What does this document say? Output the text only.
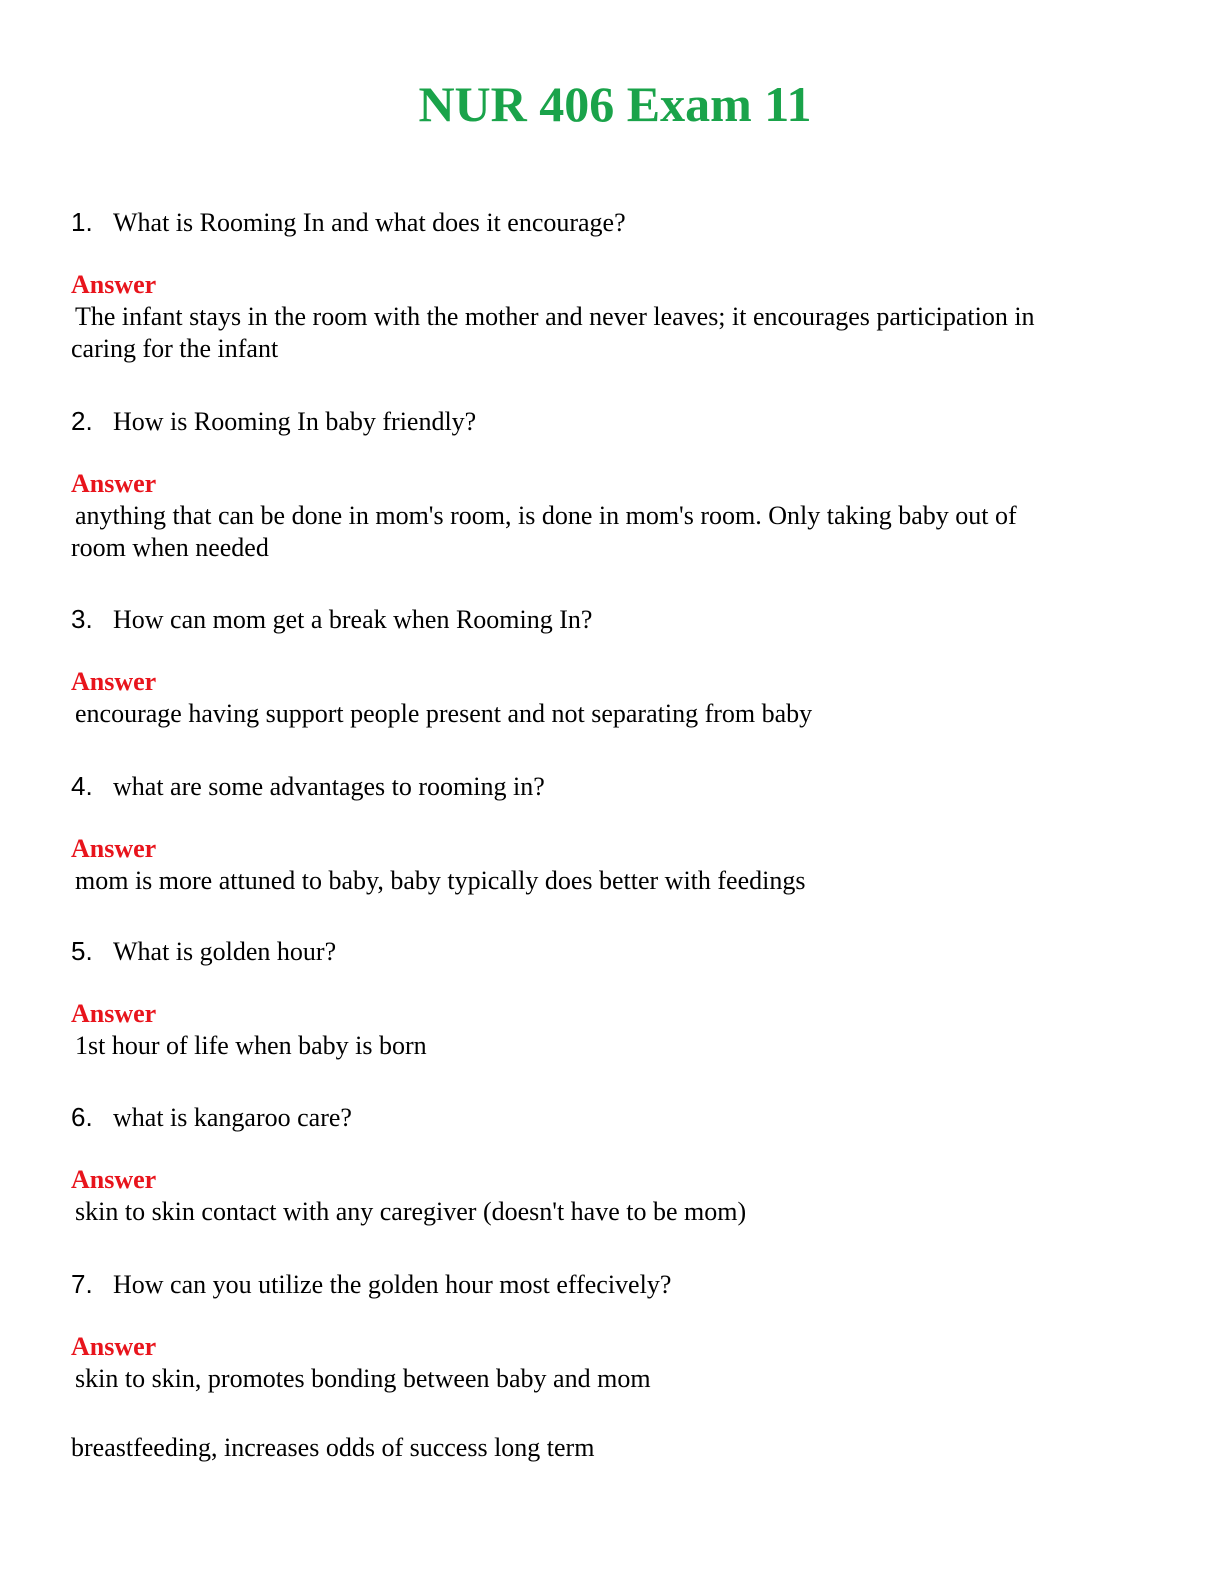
NUR 406 Exam 11

1. What is Rooming In and what does it encourage?

Answer

The infant stays in the room with the mother and never leaves; it encourages participation in

caring for the infant

2. How is Rooming In baby friendly?

Answer

anything that can be done in mom's room, is done in mom's room. Only taking baby out of

room when needed

3. How can mom get a break when Rooming In?

Answer

encourage having support people present and not separating from baby

4. what are some advantages to rooming in?

Answer

mom is more attuned to baby, baby typically does better with feedings

5. What is golden hour?

Answer

1st hour of life when baby is born

6. what is kangaroo care?

Answer

skin to skin contact with any caregiver (doesn't have to be mom)

7. How can you utilize the golden hour most effecively?

Answer

skin to skin, promotes bonding between baby and mom

breastfeeding, increases odds of success long term
